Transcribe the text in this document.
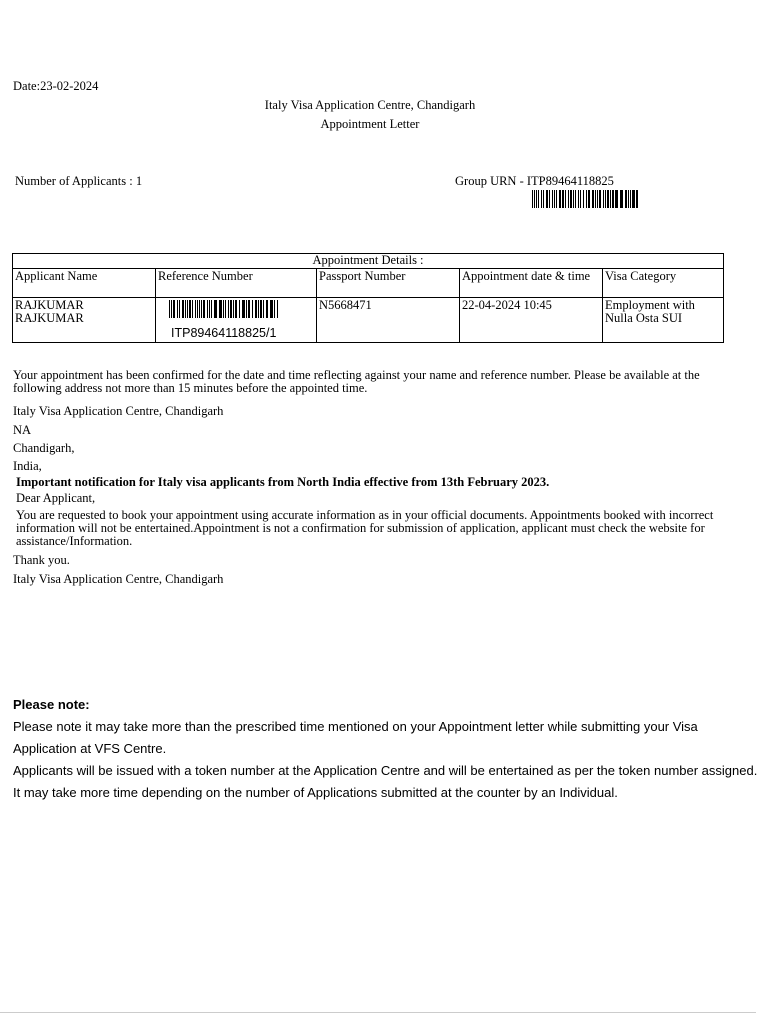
Date:23-02-2024
Italy Visa Application Centre, Chandigarh
Appointment Letter
Number of Applicants : 1	Group URN - ITP89464118825
Appointment Details :				
Applicant Name	Reference Number	Passport Number	Appointment date & time	Visa Category
RAJKUMAR RAJKUMAR	ITP89464118825/1	N5668471	22-04-2024 10:45	Employment with Nulla Osta SUI
Your appointment has been confirmed for the date and time reflecting against your name and reference number. Please be available at the following address not more than 15 minutes before the appointed time.
Italy Visa Application Centre, Chandigarh
NA
Chandigarh,
India,
Important notification for Italy visa applicants from North India effective from 13th February 2023.
Dear Applicant,
You are requested to book your appointment using accurate information as in your official documents. Appointments booked with incorrect information will not be entertained.Appointment is not a confirmation for submission of application, applicant must check the website for assistance/Information.
Thank you.
Italy Visa Application Centre, Chandigarh
Please note:
Please note it may take more than the prescribed time mentioned on your Appointment letter while submitting your Visa
Application at VFS Centre.
Applicants will be issued with a token number at the Application Centre and will be entertained as per the token number assigned.
It may take more time depending on the number of Applications submitted at the counter by an Individual.
